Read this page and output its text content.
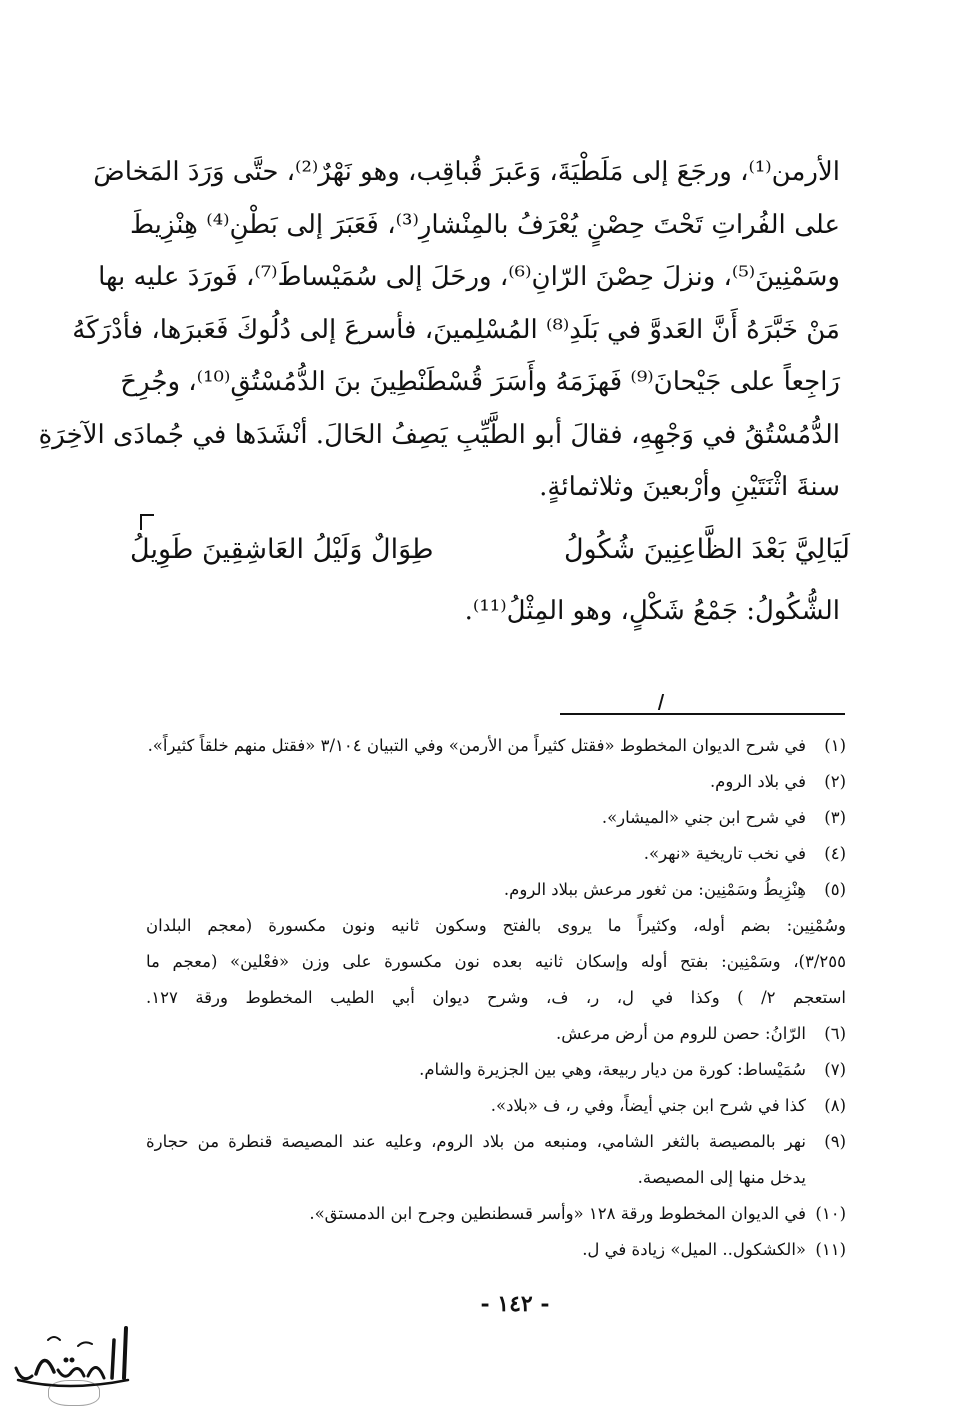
الأرمن⁽¹⁾، ورجَعَ إلى مَلَطْيَةَ، وَعَبرَ قُباقِب، وهو نَهْرٌ⁽²⁾، حتَّى وَرَدَ المَخاضَ
على الفُراتِ تَحْتَ حِصْنٍ يُعْرَفُ بالمِنْشارِ⁽³⁾، فَعَبَرَ إلى بَطْنِ⁽⁴⁾ هِنْزِيطَ
وسَمْنِينَ⁽⁵⁾، ونزلَ حِصْنَ الرّانِ⁽⁶⁾، ورحَلَ إلى سُمَيْساطَ⁽⁷⁾، فَورَدَ عليه بها
مَنْ خَبَّرَهُ أَنَّ العَدوَّ في بَلَدِ⁽⁸⁾ المُسْلِمينَ، فأسرعَ إلى دُلُوكَ فَعَبرَها، فأدْرَكَهُ
رَاجِعاً على جَيْحانَ⁽⁹⁾ فَهزَمَهُ وأَسَرَ قُسْطَنْطِينَ بنَ الدُّمُسْتُقِ⁽¹⁰⁾، وجُرِحَ
الدُّمُسْتُقُ في وَجْهِهِ، فقالَ أبو الطَّيِّبِ يَصِفُ الحَالَ. أنْشَدَها في جُمادَى الآخِرَةِ
سنةَ اثْنَتَيْنِ وأرْبعينَ وثلاثمائةٍ.
لَيَالِيَّ بَعْدَ الظَّاعِنِينَ شُكُولُ
طِوَالٌ وَلَيْلُ العَاشِقِينَ طَوِيلُ
الشُّكُولُ: جَمْعُ شَكْلٍ، وهو المِثْلُ⁽¹¹⁾.
(١)
في شرح الديوان المخطوط «فقتل كثيراً من الأرمن» وفي التبيان ٣/١٠٤ «فقتل منهم خلقاً كثيراً».
(٢)
في بلاد الروم.
(٣)
في شرح ابن جني «الميشار».
(٤)
في نخب تاريخية «نهر».
(٥)
هِنْزِيطُ وسَمْنِين: من ثغور مرعش ببلاد الروم.
وسُمْنِين: بضم أوله، وكثيراً ما يروى بالفتح وسكون ثانيه ونون مكسورة (معجم البلدان
٣/٢٥٥)، وسَمْنِين: بفتح أوله وإسكان ثانيه بعده نون مكسورة على وزن «فعْلين» (معجم ما
استعجم ٢/ ) وكذا في ل، ر، ف، وشرح ديوان أبي الطيب المخطوط ورقة ١٢٧.
(٦)
الرّانُ: حصن للروم من أرض مرعش.
(٧)
سُمَيْساط: كورة من ديار ربيعة، وهي بين الجزيرة والشام.
(٨)
كذا في شرح ابن جني أيضاً، وفي ر، ف «بلاد».
(٩)
نهر بالمصيصة بالثغر الشامي، ومنبعه من بلاد الروم، وعليه عند المصيصة قنطرة من حجارة
يدخل منها إلى المصيصة.
(١٠)
في الديوان المخطوط ورقة ١٢٨ «وأسر قسطنطين وجرح ابن الدمستق».
(١١)
«الكشكول.. الميل» زيادة في ل.
- ١٤٢ -
